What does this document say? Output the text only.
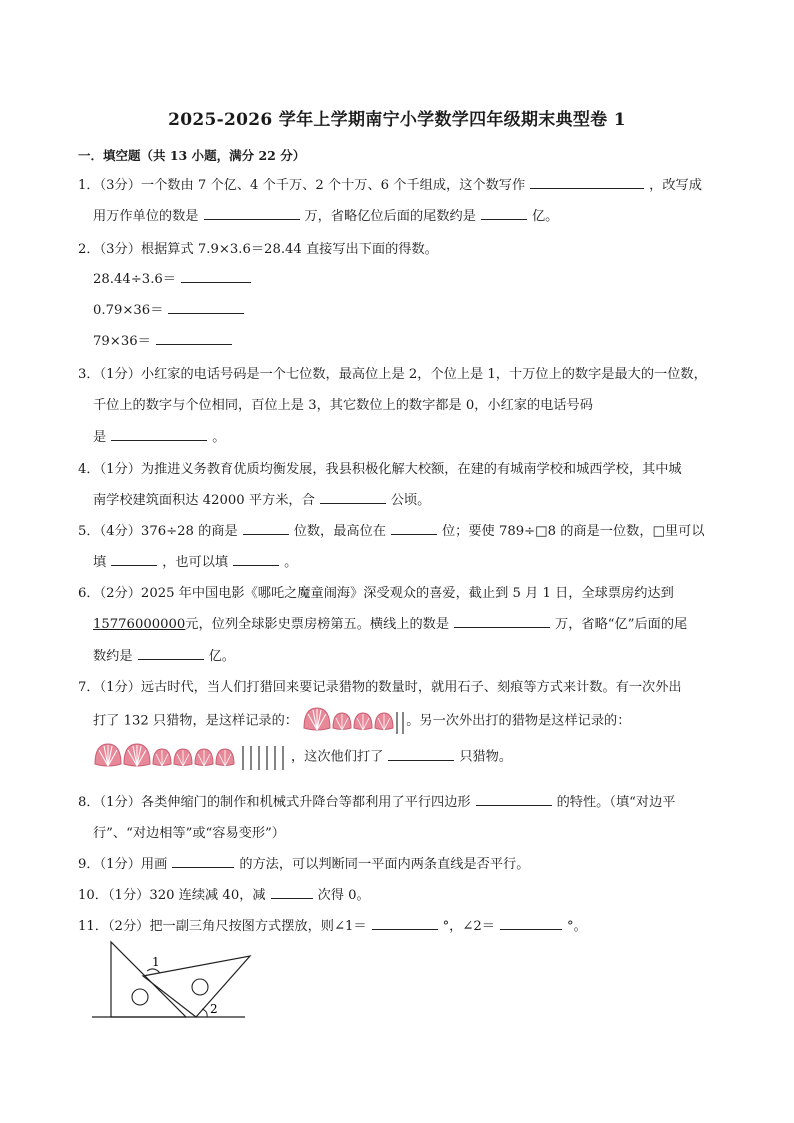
2025-2026 学年上学期南宁小学数学四年级期末典型卷 1
一．填空题（共 13 小题，满分 22 分）
1．（3分）一个数由 7 个亿、4 个千万、2 个十万、6 个千组成，这个数写作	，改写成
用万作单位的数是	万，省略亿位后面的尾数约是	亿。
2．（3分）根据算式 7.9×3.6＝28.44 直接写出下面的得数。
28.44÷3.6＝
0.79×36＝
79×36＝
3．（1分）小红家的电话号码是一个七位数，最高位上是 2，个位上是 1，十万位上的数字是最大的一位数，
千位上的数字与个位相同，百位上是 3，其它数位上的数字都是 0，小红家的电话号码
是	。
4．（1分）为推进义务教育优质均衡发展，我县积极化解大校额，在建的有城南学校和城西学校，其中城
南学校建筑面积达 42000 平方米，合	公顷。
5．（4分）376÷28 的商是	位数，最高位在	位；要使 789÷□8 的商是一位数，□里可以
填	，也可以填	。
6．（2分）2025 年中国电影《哪吒之魔童闹海》深受观众的喜爱，截止到 5 月 1 日，全球票房约达到
15776000000元，位列全球影史票房榜第五。横线上的数是	万，省略“亿”后面的尾
数约是	亿。
7．（1分）远古时代，当人们打猎回来要记录猎物的数量时，就用石子、刻痕等方式来计数。有一次外出
打了 132 只猎物，是这样记录的：	。另一次外出打的猎物是这样记录的：
，这次他们打了	只猎物。
8．（1分）各类伸缩门的制作和机械式升降台等都利用了平行四边形	的特性。（填“对边平
行”、“对边相等”或“容易变形”）
9．（1分）用画	的方法，可以判断同一平面内两条直线是否平行。
10．（1分）320 连续减 40，减	次得 0。
11．（2分）把一副三角尺按图方式摆放，则∠1＝	°，∠2＝	°。
1
2
